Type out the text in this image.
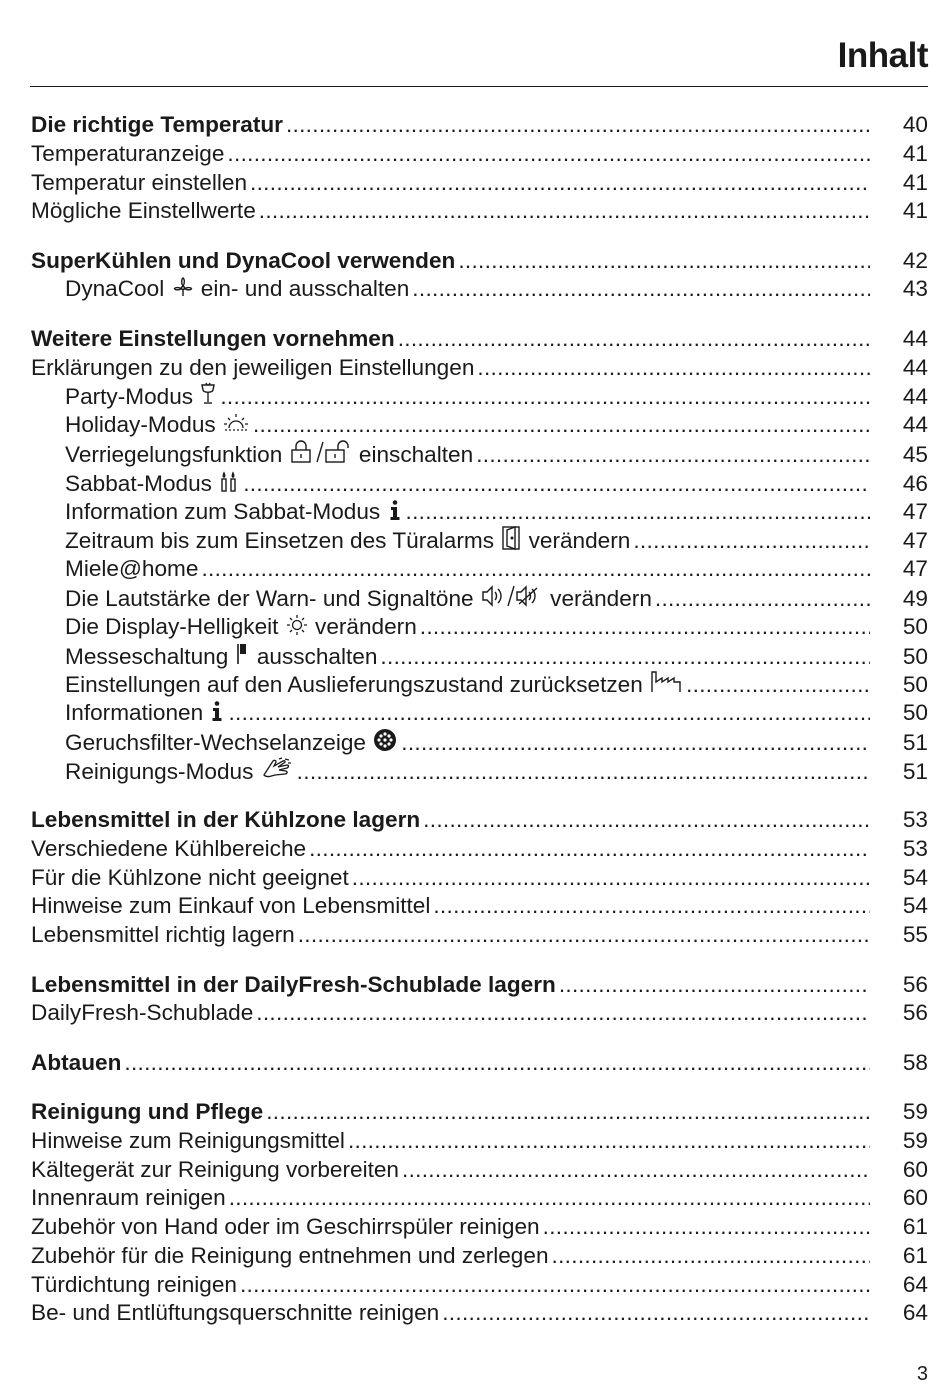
Inhalt
Die richtige Temperatur .....	40
Temperaturanzeige .....	41
Temperatur einstellen .....	41
Mögliche Einstellwerte .....	41
SuperKühlen und DynaCool verwenden .....	42
DynaCool ein- und ausschalten .....	43
Weitere Einstellungen vornehmen .....	44
Erklärungen zu den jeweiligen Einstellungen .....	44
Party-Modus .....	44
Holiday-Modus .....	44
Verriegelungsfunktion	einschalten .....	45
Sabbat-Modus .....	46
Information zum Sabbat-Modus .....	47
Zeitraum bis zum Einsetzen des Türalarms verändern .....	47
Miele@home .....	47
Die Lautstärke der Warn- und Signaltöne	verändern .....	49
Die Display-Helligkeit verändern .....	50
Messeschaltung ausschalten .....	50
Einstellungen auf den Auslieferungszustand zurücksetzen .....	50
Informationen .....	50
Geruchsfilter-Wechselanzeige .....	51
Reinigungs-Modus .....	51
Lebensmittel in der Kühlzone lagern .....	53
Verschiedene Kühlbereiche .....	53
Für die Kühlzone nicht geeignet .....	54
Hinweise zum Einkauf von Lebensmittel .....	54
Lebensmittel richtig lagern .....	55
Lebensmittel in der DailyFresh-Schublade lagern .....	56
DailyFresh-Schublade .....	56
Abtauen .....	58
Reinigung und Pflege .....	59
Hinweise zum Reinigungsmittel .....	59
Kältegerät zur Reinigung vorbereiten .....	60
Innenraum reinigen .....	60
Zubehör von Hand oder im Geschirrspüler reinigen .....	61
Zubehör für die Reinigung entnehmen und zerlegen .....	61
Türdichtung reinigen .....	64
Be- und Entlüftungsquerschnitte reinigen .....	64
3
